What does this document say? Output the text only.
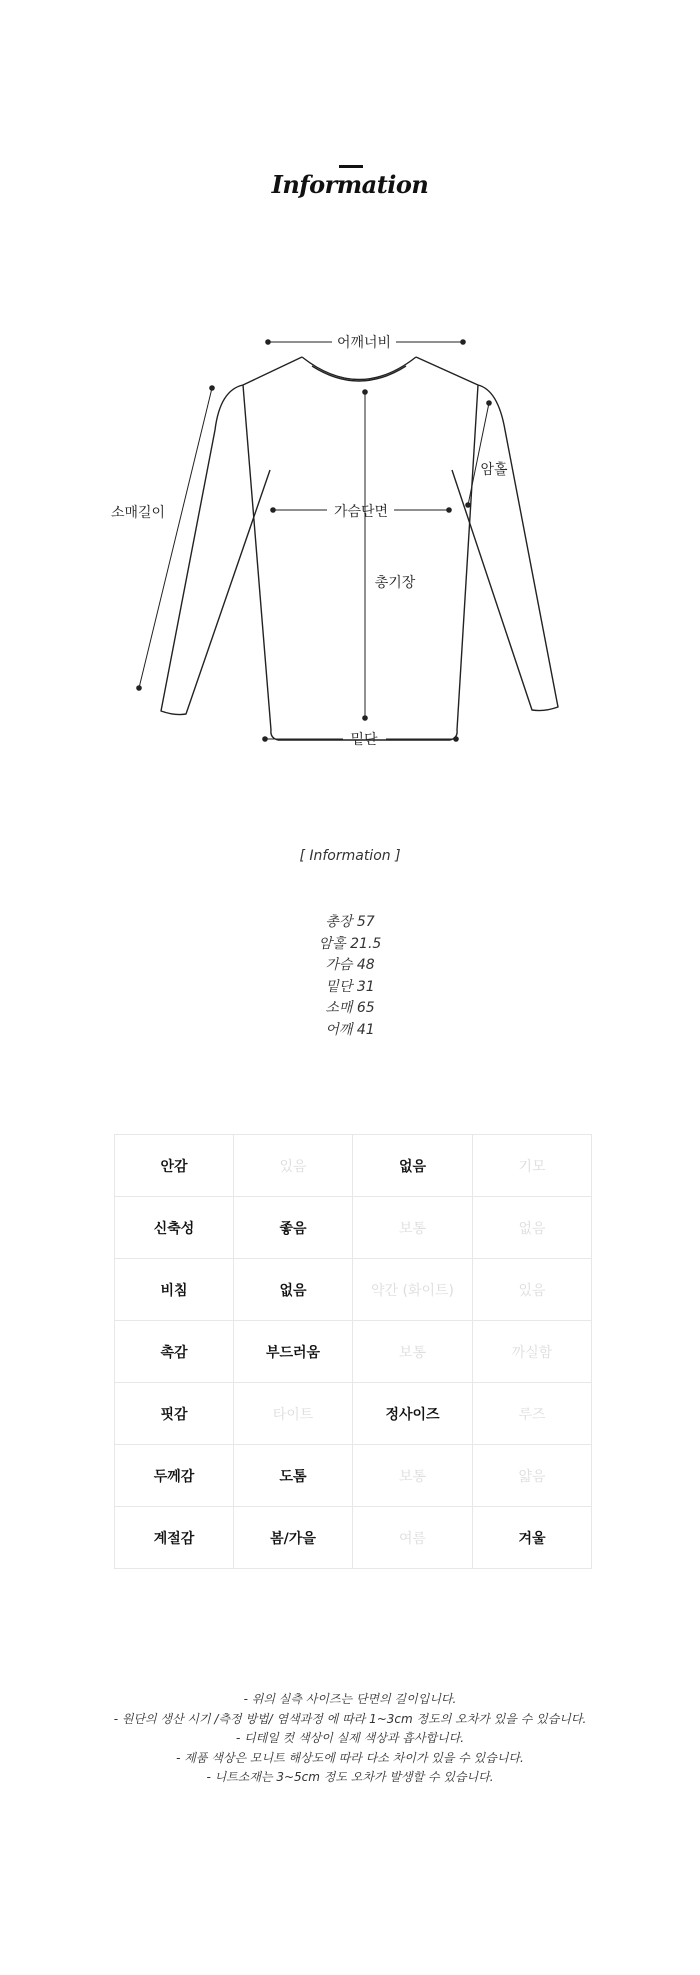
Information
어깨너비
소매길이
암홀
가슴단면
총기장
밑단
[ Information ]
총장 57
암홀 21.5
가슴 48
밑단 31
소매 65
어깨 41
안감	있음	없음	기모
신축성	좋음	보통	없음
비침	없음	약간 (화이트)	있음
촉감	부드러움	보통	까실함
핏감	타이트	정사이즈	루즈
두께감	도톰	보통	얇음
계절감	봄/가을	여름	겨울
- 위의 실측 사이즈는 단면의 길이입니다.
- 원단의 생산 시기 /측정 방법/ 염색과정 에 따라 1~3cm 정도의 오차가 있을 수 있습니다.
- 디테일 컷 색상이 실제 색상과 흡사합니다.
- 제품 색상은 모니트 해상도에 따라 다소 차이가 있을 수 있습니다.
- 니트소재는 3~5cm 정도 오차가 발생할 수 있습니다.
